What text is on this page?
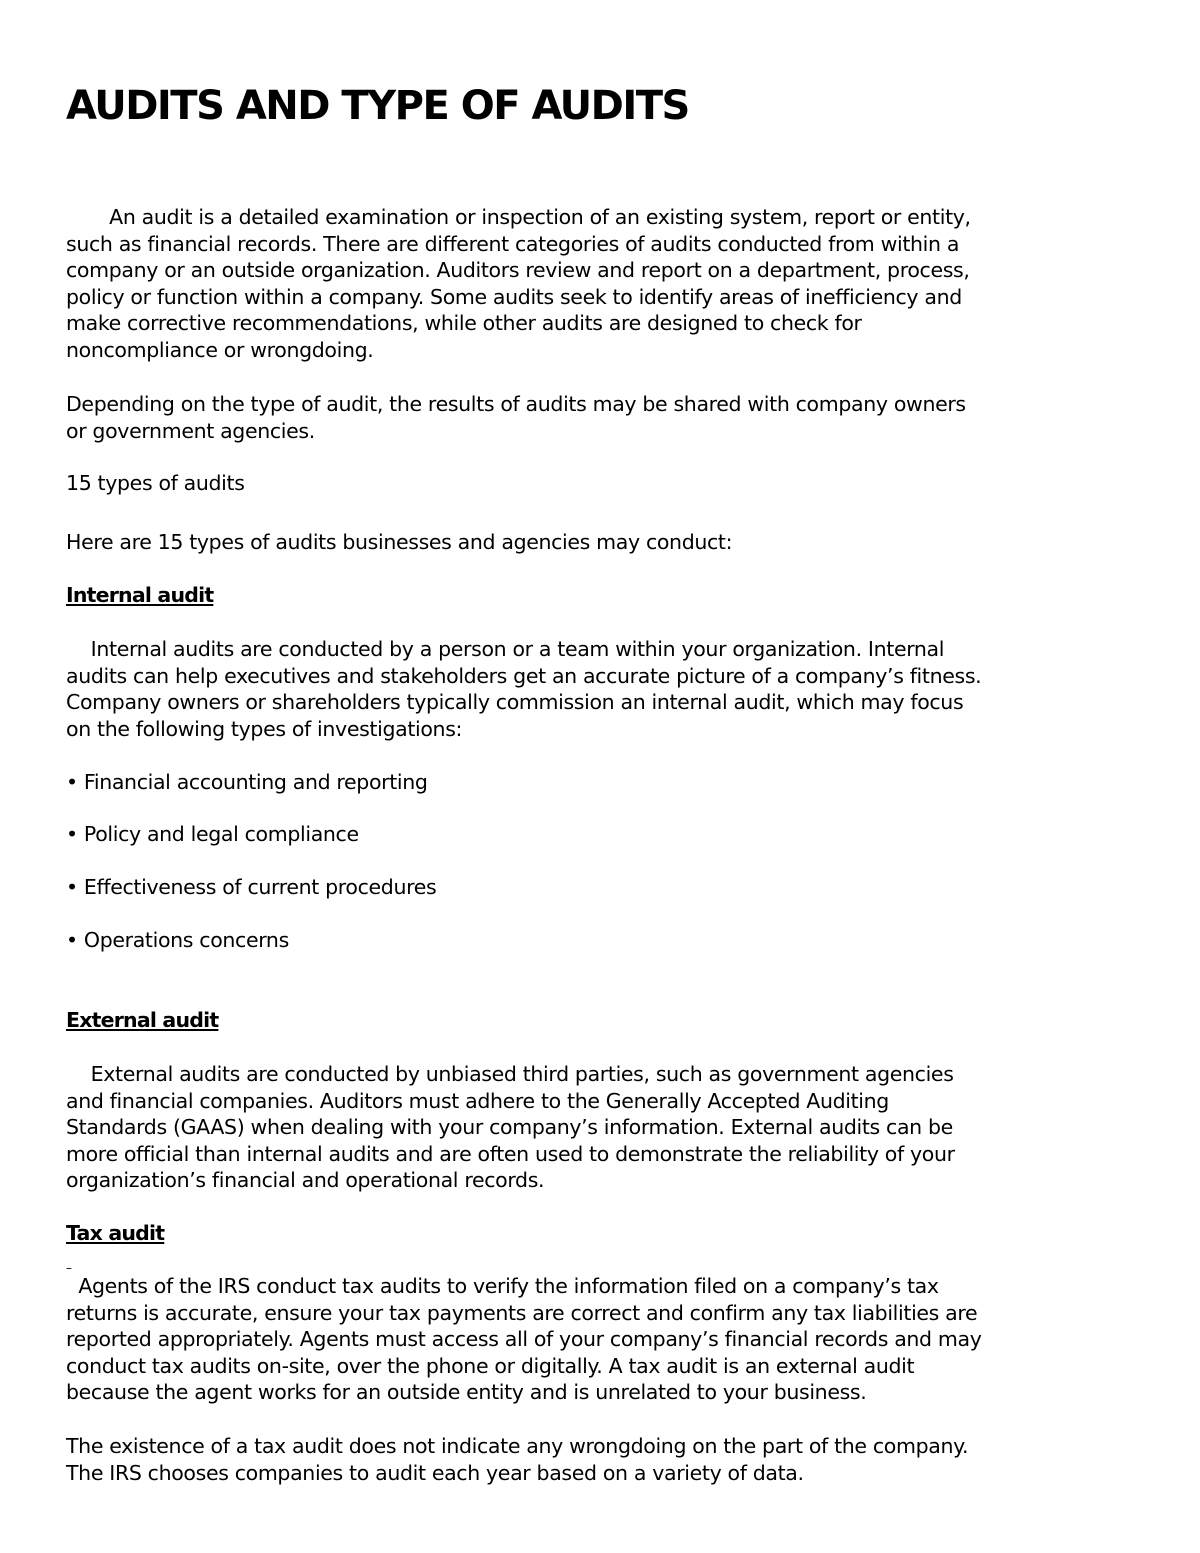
AUDITS AND TYPE OF AUDITS
An audit is a detailed examination or inspection of an existing system, report or entity,
such as financial records. There are different categories of audits conducted from within a
company or an outside organization. Auditors review and report on a department, process,
policy or function within a company. Some audits seek to identify areas of inefficiency and
make corrective recommendations, while other audits are designed to check for
noncompliance or wrongdoing.
Depending on the type of audit, the results of audits may be shared with company owners
or government agencies.
15 types of audits
Here are 15 types of audits businesses and agencies may conduct:
Internal audit
Internal audits are conducted by a person or a team within your organization. Internal
audits can help executives and stakeholders get an accurate picture of a company’s fitness.
Company owners or shareholders typically commission an internal audit, which may focus
on the following types of investigations:
• Financial accounting and reporting
• Policy and legal compliance
• Effectiveness of current procedures
• Operations concerns
External audit
External audits are conducted by unbiased third parties, such as government agencies
and financial companies. Auditors must adhere to the Generally Accepted Auditing
Standards (GAAS) when dealing with your company’s information. External audits can be
more official than internal audits and are often used to demonstrate the reliability of your
organization’s financial and operational records.
Tax audit
–
Agents of the IRS conduct tax audits to verify the information filed on a company’s tax
returns is accurate, ensure your tax payments are correct and confirm any tax liabilities are
reported appropriately. Agents must access all of your company’s financial records and may
conduct tax audits on-site, over the phone or digitally. A tax audit is an external audit
because the agent works for an outside entity and is unrelated to your business.
The existence of a tax audit does not indicate any wrongdoing on the part of the company.
The IRS chooses companies to audit each year based on a variety of data.
